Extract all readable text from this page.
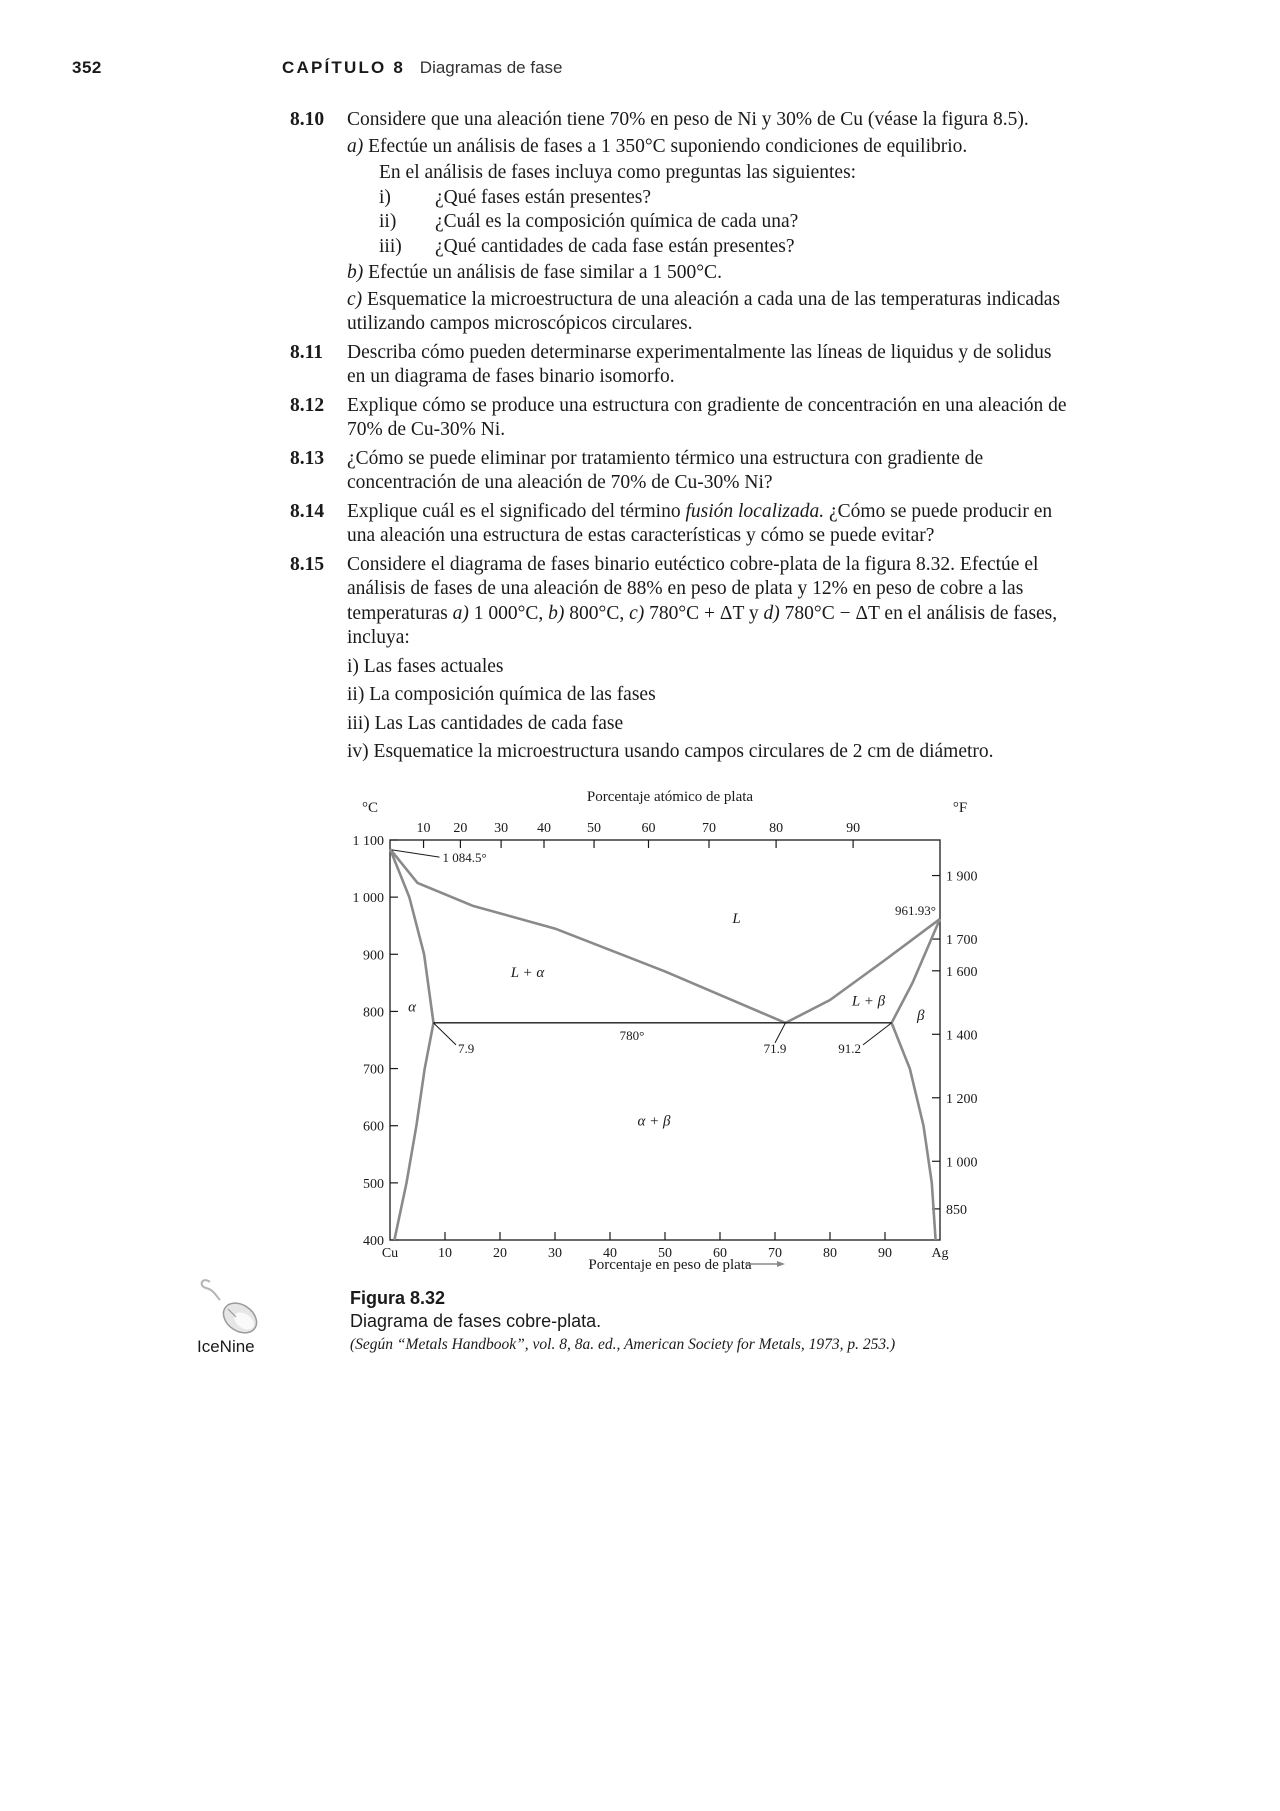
352	CAPÍTULO 8 Diagramas de fase
8.10 Considere que una aleación tiene 70% en peso de Ni y 30% de Cu (véase la figura 8.5).
a) Efectúe un análisis de fases a 1 350°C suponiendo condiciones de equilibrio.
En el análisis de fases incluya como preguntas las siguientes:
i)	¿Qué fases están presentes?
ii)	¿Cuál es la composición química de cada una?
iii)	¿Qué cantidades de cada fase están presentes?
b) Efectúe un análisis de fase similar a 1 500°C.
c) Esquematice la microestructura de una aleación a cada una de las temperaturas indicadas utilizando campos microscópicos circulares.
8.11 Describa cómo pueden determinarse experimentalmente las líneas de liquidus y de solidus en un diagrama de fases binario isomorfo.
8.12 Explique cómo se produce una estructura con gradiente de concentración en una aleación de 70% de Cu-30% Ni.
8.13 ¿Cómo se puede eliminar por tratamiento térmico una estructura con gradiente de concentración de una aleación de 70% de Cu-30% Ni?
8.14 Explique cuál es el significado del término fusión localizada. ¿Cómo se puede producir en una aleación una estructura de estas características y cómo se puede evitar?
8.15 Considere el diagrama de fases binario eutéctico cobre-plata de la figura 8.32. Efectúe el análisis de fases de una aleación de 88% en peso de plata y 12% en peso de cobre a las temperaturas a) 1 000°C, b) 800°C, c) 780°C + ΔT y d) 780°C − ΔT en el análisis de fases, incluya:
i) Las fases actuales
ii) La composición química de las fases
iii) Las Las cantidades de cada fase
iv) Esquematice la microestructura usando campos circulares de 2 cm de diámetro.
Porcentaje atómico de plata
°C	°F
Porcentaje en peso de plata
1 100
1 000
900
800
700
600
500
400
1 900
1 700
1 600
1 400
1 200
1 000
850
Cu	10	20	30	40	50	60	70	80	90	Ag
10 20 30 40	50	60	70	80	90
1 084.5°
961.93°
780°
7.9	71.9	91.2
L
L + α
α	L + β
β
α + β
Figura 8.32
Diagrama de fases cobre-plata.
(Según “Metals Handbook”, vol. 8, 8a. ed., American Society for Metals, 1973, p. 253.)
IceNine
